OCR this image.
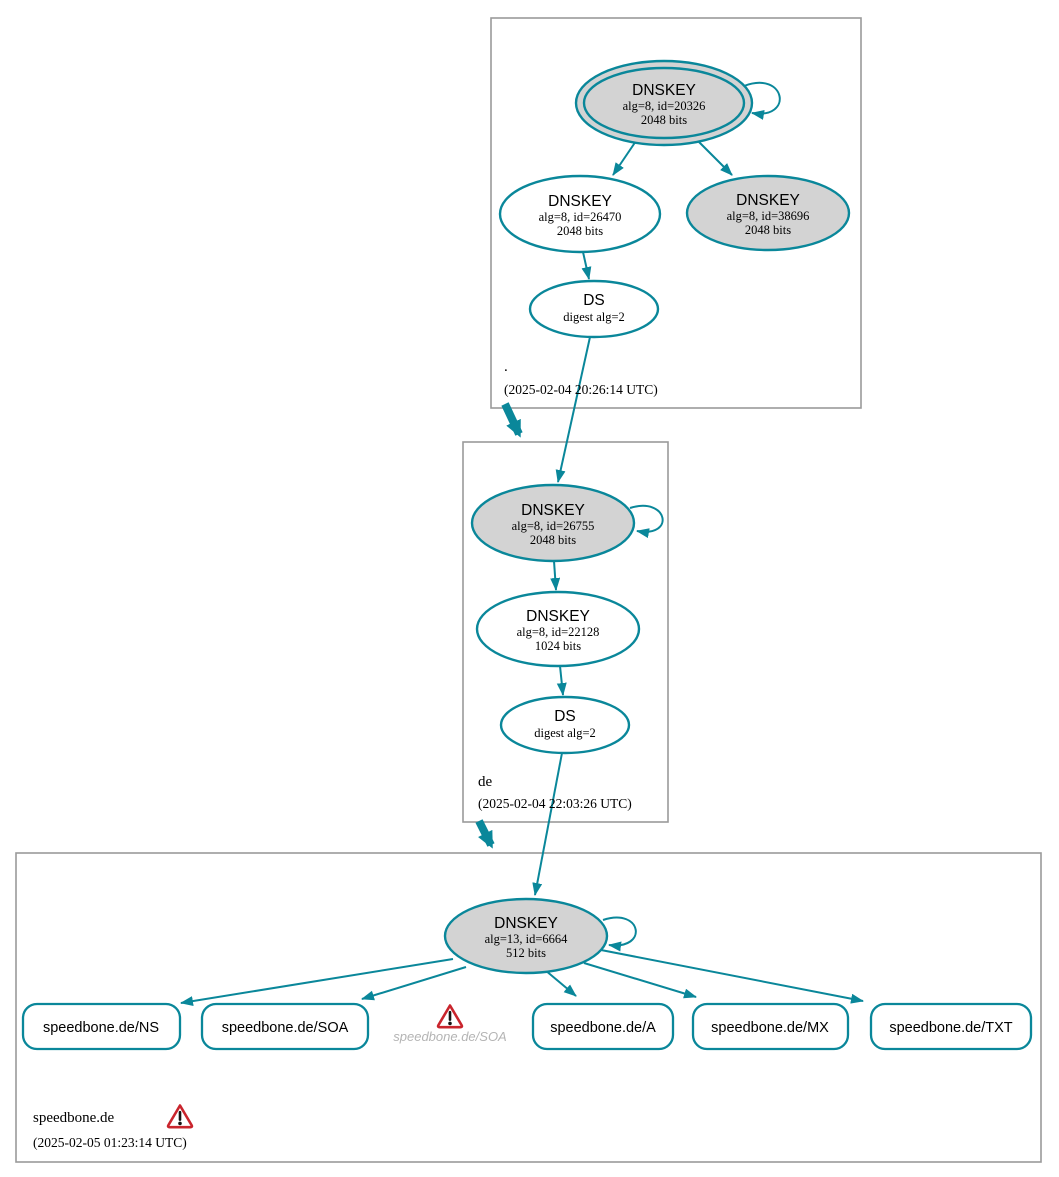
DNSKEY
alg=8, id=20326
2048 bits
DNSKEY
alg=8, id=26470
2048 bits
DNSKEY
alg=8, id=38696
2048 bits
DS
digest alg=2
.
(2025-02-04 20:26:14 UTC)
DNSKEY
alg=8, id=26755
2048 bits
DNSKEY
alg=8, id=22128
1024 bits
DS
digest alg=2
de
(2025-02-04 22:03:26 UTC)
DNSKEY
alg=13, id=6664
512 bits
speedbone.de/NS	speedbone.de/SOA
speedbone.de/SOA
speedbone.de/A	speedbone.de/MX	speedbone.de/TXT
speedbone.de
(2025-02-05 01:23:14 UTC)
